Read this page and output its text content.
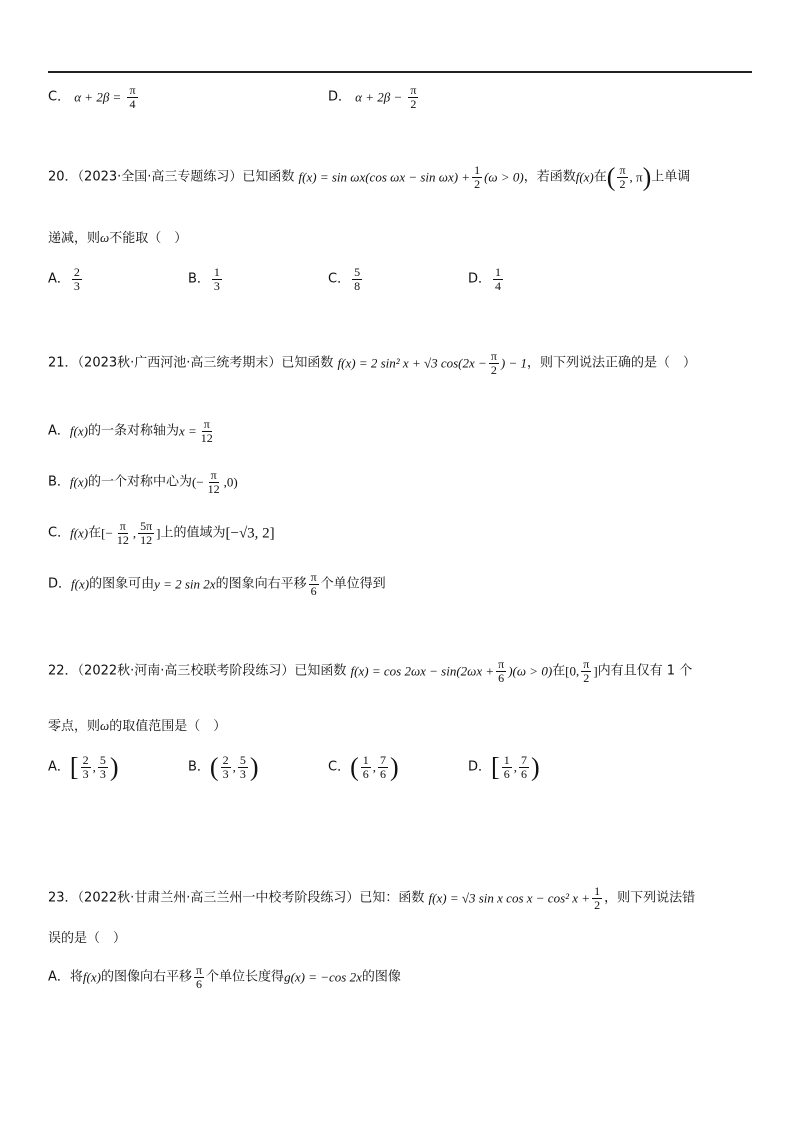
C． $\alpha + 2\beta = \frac{\pi}{4}$	D． $\alpha + 2\beta - \frac{\pi}{2}$
20．（2023·全国·高三专题练习）已知函数 f(x) = sin ωx(cos $\omega x - \sin \omega x) + \frac{1}{2} (\omega > 0)$，若函数f(x)在( $\frac{\pi}{2}$ , π)上单调
递减，则ω不能取（　）
A． $\frac{2}{3}$	B． $\frac{1}{3}$	C． $\frac{5}{8}$	D． $\frac{1}{4}$
21．（2023秋·广西河池·高三统考期末）已知函数 f(x) = 2 sin² x + √3 $\cos(2x - \frac{\pi}{2}$ ) − 1，则下列说法正确的是（　）
A．f(x)的一条对称轴为$x = \frac{\pi}{12}$
B．f(x)的一个对称中心为(− $\frac{\pi}{12} ,0$)
C．f(x)在[− $\frac{\pi}{12}$ , $\frac{5\pi}{12}$ ]上的值域为[−√3, 2]
D．f(x)的图象可由y = 2 sin 2x的图象向右平移 $\frac{\pi}{6}$ 个单位得到
22．（2022秋·河南·高三校联考阶段练习）已知函数 $f(x) = \cos 2\omega x - \sin(2\omega x + \frac{\pi}{6} )(\omega > 0)$在[0, $\frac{\pi}{2}$ ]内有且仅有 1 个
零点，则ω的取值范围是（　）
A．[ $\frac{2}{3}$ , $\frac{5}{3}$ )	B．( $\frac{2}{3}$ , $\frac{5}{3}$ )	C．( $\frac{1}{6}$ , $\frac{7}{6}$ )	D．[ $\frac{1}{6}$ , $\frac{7}{6}$ )
23．（2022秋·甘肃兰州·高三兰州一中校考阶段练习）已知：函数 f(x) = √3 sin x cos x − cos² $x + \frac{1}{2}$ ，则下列说法错
误的是（　）
A．将f(x)的图像向右平移 $\frac{\pi}{6}$ 个单位长度得g(x) = −cos 2x的图像
